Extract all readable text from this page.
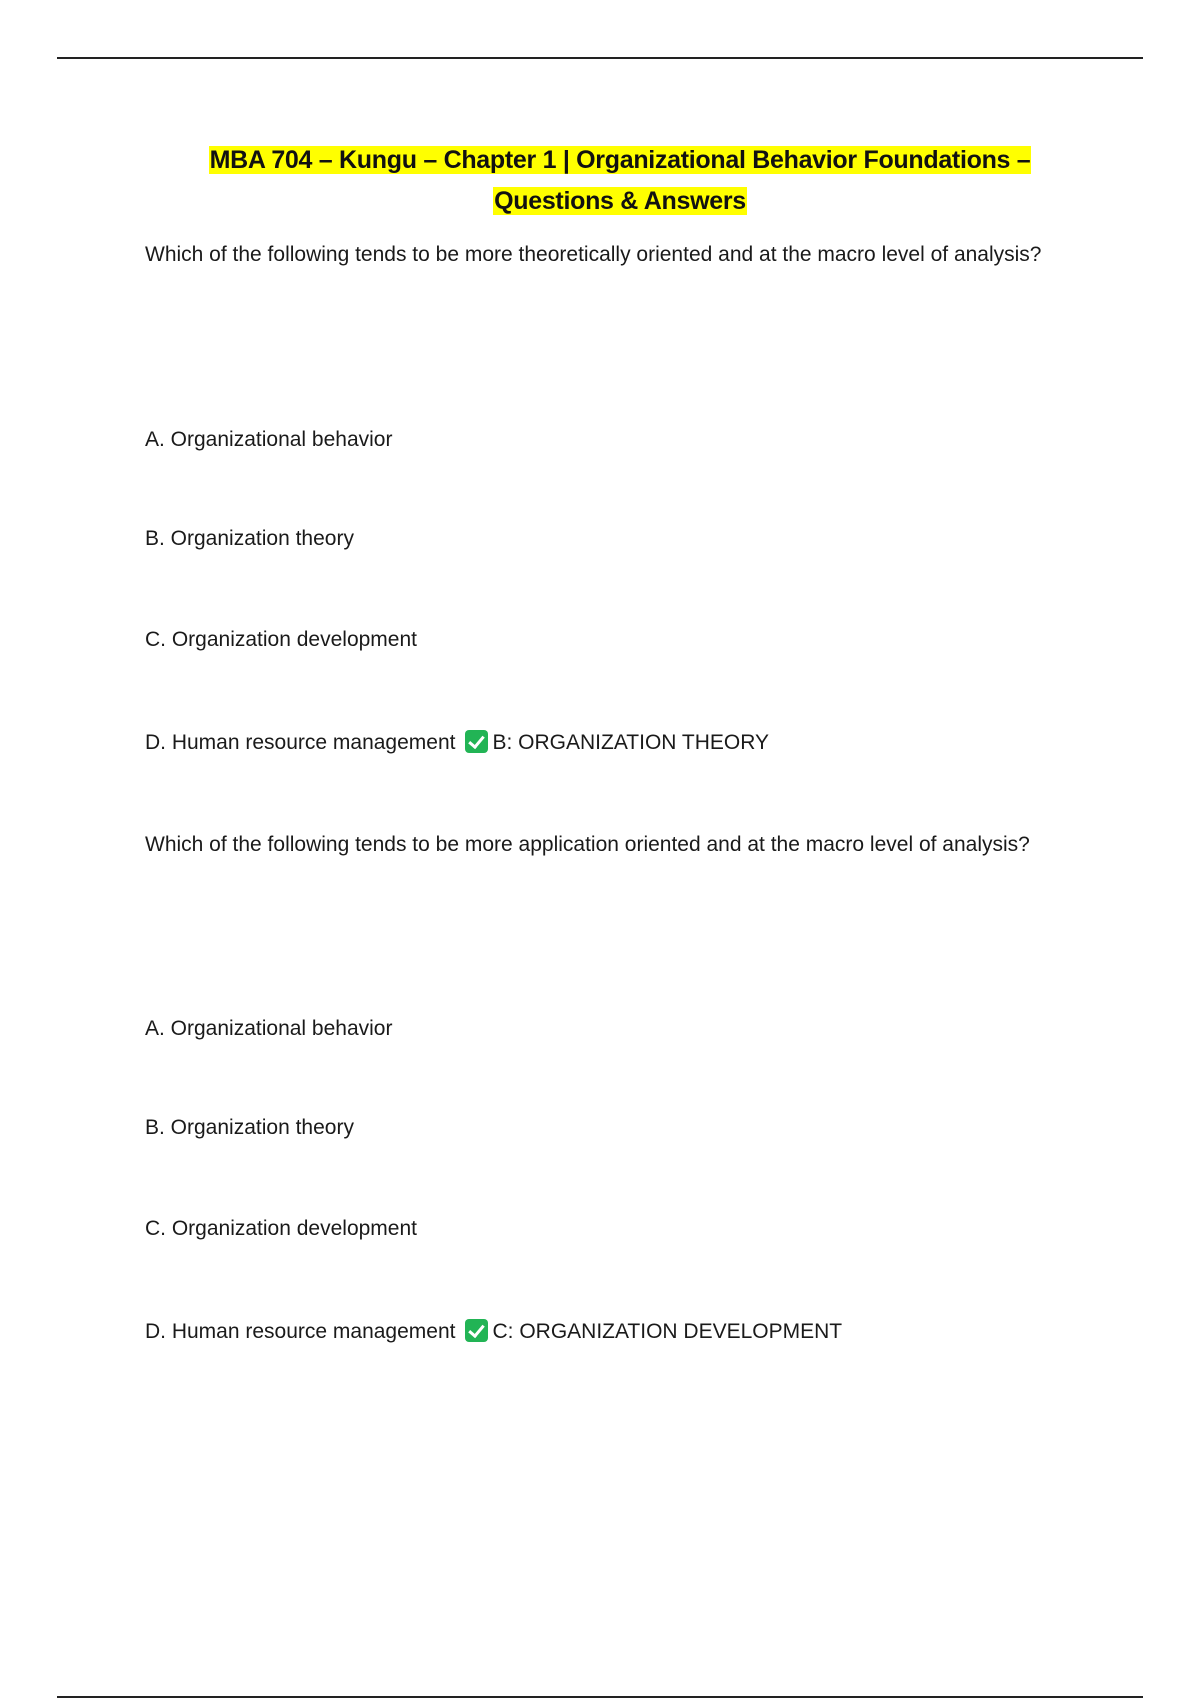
MBA 704 – Kungu – Chapter 1 | Organizational Behavior Foundations –
Questions & Answers
Which of the following tends to be more theoretically oriented and at the macro level of analysis?
A. Organizational behavior
B. Organization theory
C. Organization development
D. Human resource management B: ORGANIZATION THEORY
Which of the following tends to be more application oriented and at the macro level of analysis?
A. Organizational behavior
B. Organization theory
C. Organization development
D. Human resource management C: ORGANIZATION DEVELOPMENT
